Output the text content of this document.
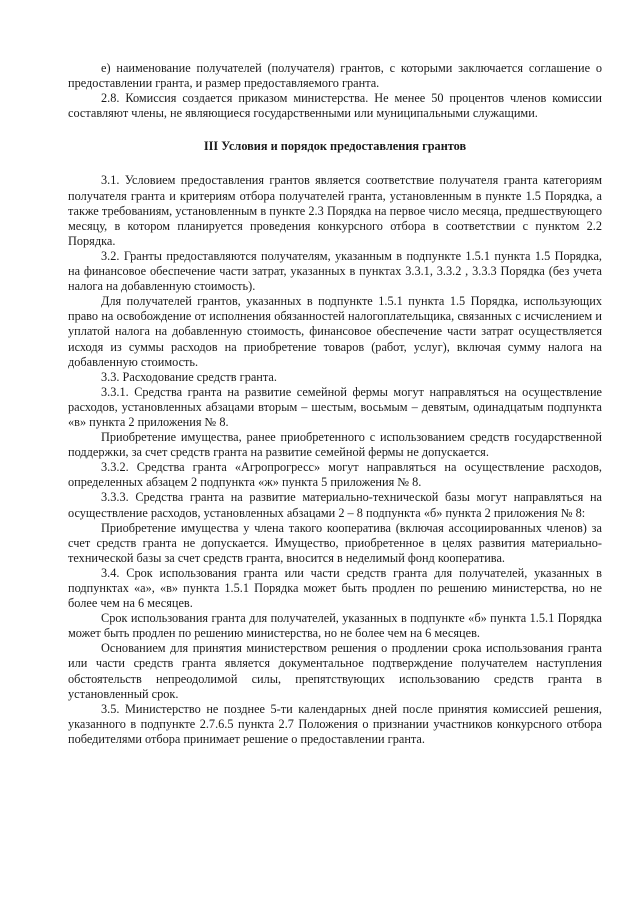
е) наименование получателей (получателя) грантов, с которыми заключается соглашение о предоставлении гранта, и размер предоставляемого гранта.

2.8. Комиссия создается приказом министерства. Не менее 50 процентов членов комиссии составляют члены, не являющиеся государственными или муниципальными служащими.

III Условия и порядок предоставления грантов

3.1. Условием предоставления грантов является соответствие получателя гранта категориям получателя гранта и критериям отбора получателей гранта, установленным в пункте 1.5 Порядка, а также требованиям, установленным в пункте 2.3 Порядка на первое число месяца, предшествующего месяцу, в котором планируется проведения конкурсного отбора в соответствии с пунктом 2.2 Порядка.

3.2. Гранты предоставляются получателям, указанным в подпункте 1.5.1 пункта 1.5 Порядка, на финансовое обеспечение части затрат, указанных в пунктах 3.3.1, 3.3.2 , 3.3.3 Порядка (без учета налога на добавленную стоимость).

Для получателей грантов, указанных в подпункте 1.5.1 пункта 1.5 Порядка, использующих право на освобождение от исполнения обязанностей налогоплательщика, связанных с исчислением и уплатой налога на добавленную стоимость, финансовое обеспечение части затрат осуществляется исходя из суммы расходов на приобретение товаров (работ, услуг), включая сумму налога на добавленную стоимость.

3.3. Расходование средств гранта.

3.3.1. Средства гранта на развитие семейной фермы могут направляться на осуществление расходов, установленных абзацами вторым – шестым, восьмым – девятым, одинадцатым подпункта «в» пункта 2 приложения № 8.

Приобретение имущества, ранее приобретенного с использованием средств государственной поддержки, за счет средств гранта на развитие семейной фермы не допускается.

3.3.2. Средства гранта «Агропрогресс» могут направляться на осуществление расходов, определенных абзацем 2 подпункта «ж» пункта 5 приложения № 8.

3.3.3. Средства гранта на развитие материально-технической базы могут направляться на осуществление расходов, установленных абзацами 2 – 8 подпункта «б» пункта 2 приложения № 8:

Приобретение имущества у члена такого кооператива (включая ассоциированных членов) за счет средств гранта не допускается. Имущество, приобретенное в целях развития материально-технической базы за счет средств гранта, вносится в неделимый фонд кооператива.

3.4. Срок использования гранта или части средств гранта для получателей, указанных в подпунктах «а», «в» пункта 1.5.1 Порядка может быть продлен по решению министерства, но не более чем на 6 месяцев.

Срок использования гранта для получателей, указанных в подпункте «б» пункта 1.5.1 Порядка может быть продлен по решению министерства, но не более чем на 6 месяцев.

Основанием для принятия министерством решения о продлении срока использования гранта или части средств гранта является документальное подтверждение получателем наступления обстоятельств непреодолимой силы, препятствующих использованию средств гранта в установленный срок.

3.5. Министерство не позднее 5-ти календарных дней после принятия комиссией решения, указанного в подпункте 2.7.6.5 пункта 2.7 Положения о признании участников конкурсного отбора победителями отбора принимает решение о предоставлении гранта.
